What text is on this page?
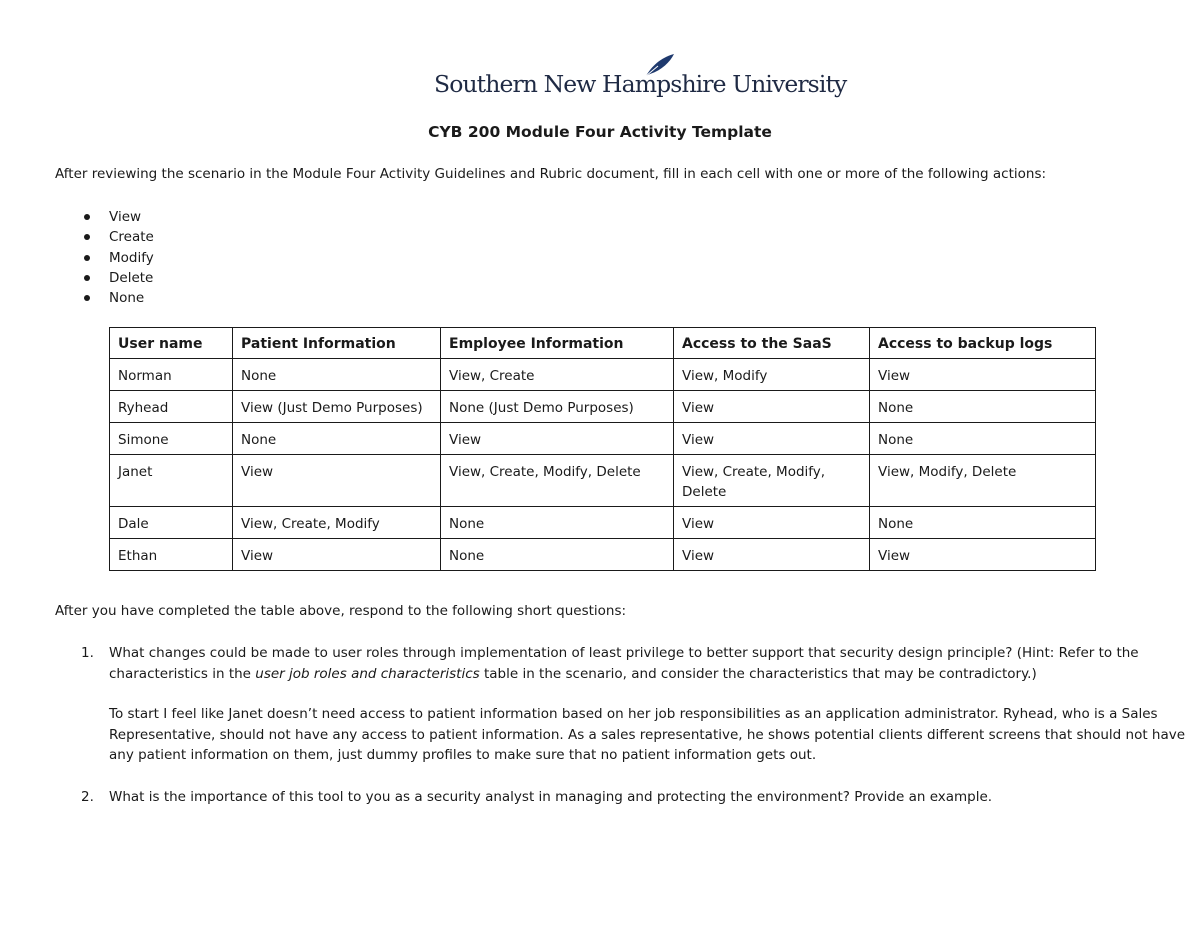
Southern New Hampshire University
CYB 200 Module Four Activity Template
After reviewing the scenario in the Module Four Activity Guidelines and Rubric document, fill in each cell with one or more of the following actions:
View
Create
Modify
Delete
None
User name	Patient Information	Employee Information	Access to the SaaS	Access to backup logs
Norman	None	View, Create	View, Modify	View
Ryhead	View (Just Demo Purposes)	None (Just Demo Purposes)	View	None
Simone	None	View	View	None
Janet	View	View, Create, Modify, Delete	View, Create, Modify, Delete	View, Modify, Delete
Dale	View, Create, Modify	None	View	None
Ethan	View	None	View	View
After you have completed the table above, respond to the following short questions:
1. What changes could be made to user roles through implementation of least privilege to better support that security design principle? (Hint: Refer to the characteristics in the user job roles and characteristics table in the scenario, and consider the characteristics that may be contradictory.)
To start I feel like Janet doesn’t need access to patient information based on her job responsibilities as an application administrator. Ryhead, who is a Sales Representative, should not have any access to patient information. As a sales representative, he shows potential clients different screens that should not have any patient information on them, just dummy profiles to make sure that no patient information gets out.
2. What is the importance of this tool to you as a security analyst in managing and protecting the environment? Provide an example.
